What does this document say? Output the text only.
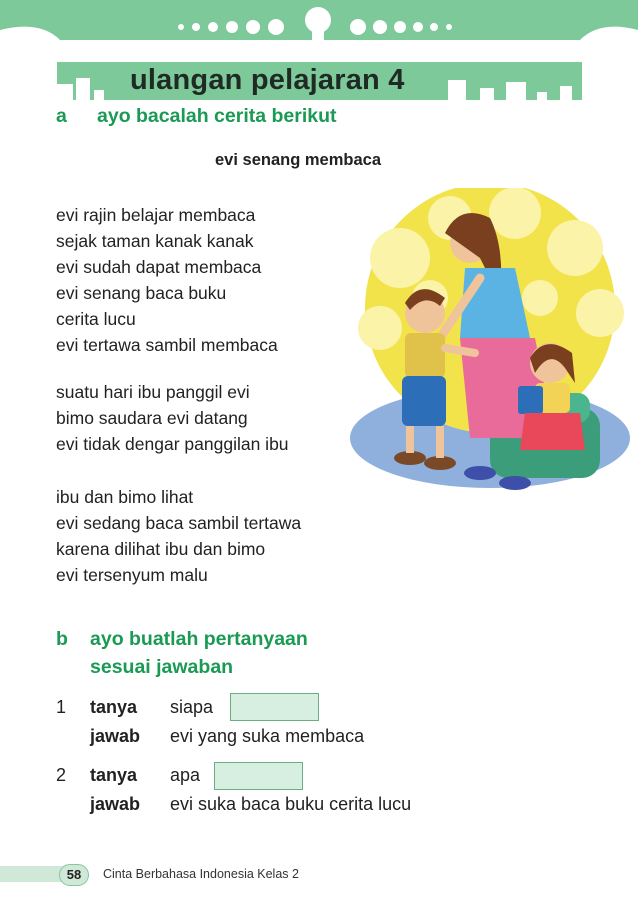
ulangan pelajaran 4
a ayo bacalah cerita berikut
evi senang membaca
evi rajin belajar membaca
sejak taman kanak kanak
evi sudah dapat membaca
evi senang baca buku
cerita lucu
evi tertawa sambil membaca
suatu hari ibu panggil evi
bimo saudara evi datang
evi tidak dengar panggilan ibu
ibu dan bimo lihat
evi sedang baca sambil tertawa
karena dilihat ibu dan bimo
evi tersenyum malu
b ayo buatlah pertanyaan
sesuai jawaban
1 tanya siapa
jawab evi yang suka membaca
2 tanya apa
jawab evi suka baca buku cerita lucu
58	Cinta Berbahasa Indonesia Kelas 2
